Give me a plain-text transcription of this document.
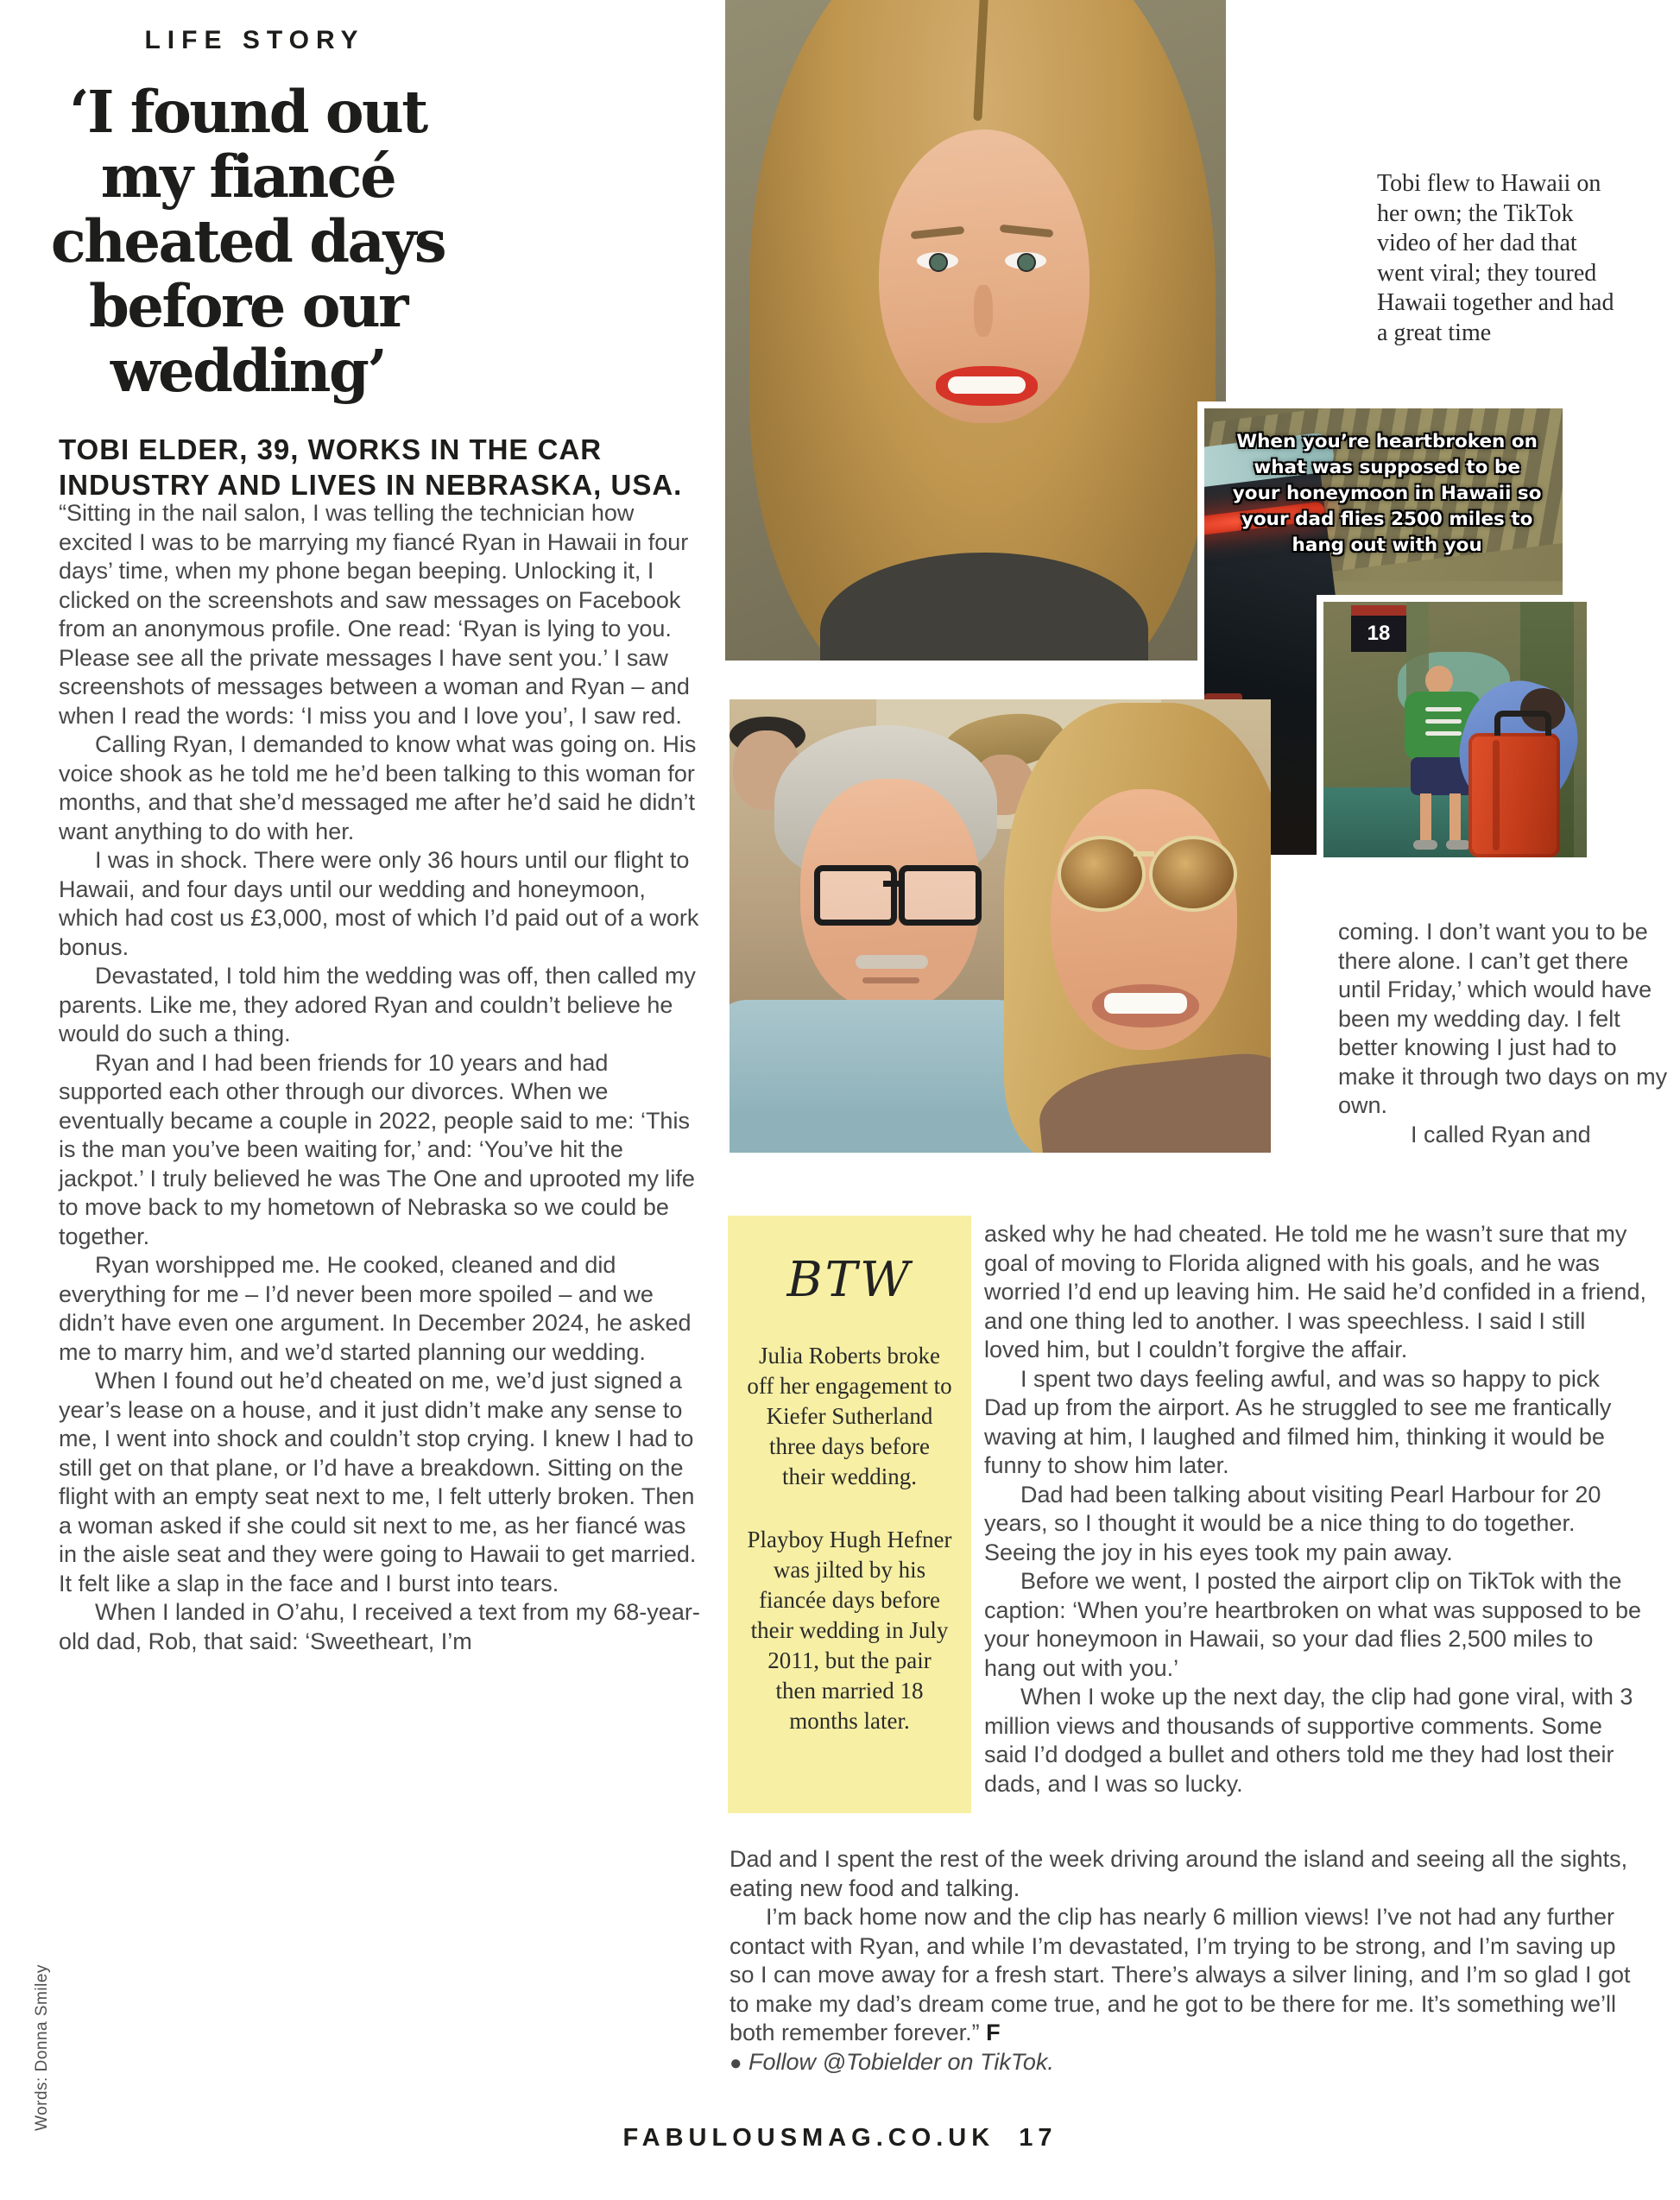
LIFE STORY
‘I found out
my fiancé
cheated days
before our
wedding’
TOBI ELDER, 39, WORKS IN THE CAR INDUSTRY AND LIVES IN NEBRASKA, USA.

“Sitting in the nail salon, I was telling the technician how excited I was to be marrying my fiancé Ryan in Hawaii in four days’ time, when my phone began beeping. Unlocking it, I clicked on the screenshots and saw messages on Facebook from an anonymous profile. One read: ‘Ryan is lying to you. Please see all the private messages I have sent you.’ I saw screenshots of messages between a woman and Ryan – and when I read the words: ‘I miss you and I love you’, I saw red.

Calling Ryan, I demanded to know what was going on. His voice shook as he told me he’d been talking to this woman for months, and that she’d messaged me after he’d said he didn’t want anything to do with her.

I was in shock. There were only 36 hours until our flight to Hawaii, and four days until our wedding and honeymoon, which had cost us £3,000, most of which I’d paid out of a work bonus.

Devastated, I told him the wedding was off, then called my parents. Like me, they adored Ryan and couldn’t believe he would do such a thing.

Ryan and I had been friends for 10 years and had supported each other through our divorces. When we eventually became a couple in 2022, people said to me: ‘This is the man you’ve been waiting for,’ and: ‘You’ve hit the jackpot.’ I truly believed he was The One and uprooted my life to move back to my hometown of Nebraska so we could be together.

Ryan worshipped me. He cooked, cleaned and did everything for me – I’d never been more spoiled – and we didn’t have even one argument. In December 2024, he asked me to marry him, and we’d started planning our wedding.

When I found out he’d cheated on me, we’d just signed a year’s lease on a house, and it just didn’t make any sense to me, I went into shock and couldn’t stop crying. I knew I had to still get on that plane, or I’d have a breakdown. Sitting on the flight with an empty seat next to me, I felt utterly broken. Then a woman asked if she could sit next to me, as her fiancé was in the aisle seat and they were going to Hawaii to get married. It felt like a slap in the face and I burst into tears.

When I landed in O’ahu, I received a text from my 68-year-old dad, Rob, that said: ‘Sweetheart, I’m

Tobi flew to Hawaii on her own; the TikTok video of her dad that went viral; they toured Hawaii together and had a great time
When you’re heartbroken on
what was supposed to be
your honeymoon in Hawaii so
your dad flies 2500 miles to
hang out with you
18

coming. I don’t want you to be there alone. I can’t get there until Friday,’ which would have been my wedding day. I felt better knowing I just had to make it through two days on my own.

I called Ryan and

BTW

Julia Roberts broke off her engagement to Kiefer Sutherland three days before their wedding.

Playboy Hugh Hefner was jilted by his fiancée days before their wedding in July 2011, but the pair then married 18 months later.

asked why he had cheated. He told me he wasn’t sure that my goal of moving to Florida aligned with his goals, and he was worried I’d end up leaving him. He said he’d confided in a friend, and one thing led to another. I was speechless. I said I still loved him, but I couldn’t forgive the affair.

I spent two days feeling awful, and was so happy to pick Dad up from the airport. As he struggled to see me frantically waving at him, I laughed and filmed him, thinking it would be funny to show him later.

Dad had been talking about visiting Pearl Harbour for 20 years, so I thought it would be a nice thing to do together. Seeing the joy in his eyes took my pain away.

Before we went, I posted the airport clip on TikTok with the caption: ‘When you’re heartbroken on what was supposed to be your honeymoon in Hawaii, so your dad flies 2,500 miles to hang out with you.’

When I woke up the next day, the clip had gone viral, with 3 million views and thousands of supportive comments. Some said I’d dodged a bullet and others told me they had lost their dads, and I was so lucky.

Dad and I spent the rest of the week driving around the island and seeing all the sights, eating new food and talking.

I’m back home now and the clip has nearly 6 million views! I’ve not had any further contact with Ryan, and while I’m devastated, I’m trying to be strong, and I’m saving up so I can move away for a fresh start. There’s always a silver lining, and I’m so glad I got to make my dad’s dream come true, and he got to be there for me. It’s something we’ll both remember forever.” F

● Follow @Tobielder on TikTok.

Words: Donna Smiley
FABULOUSMAG.CO.UK 17
